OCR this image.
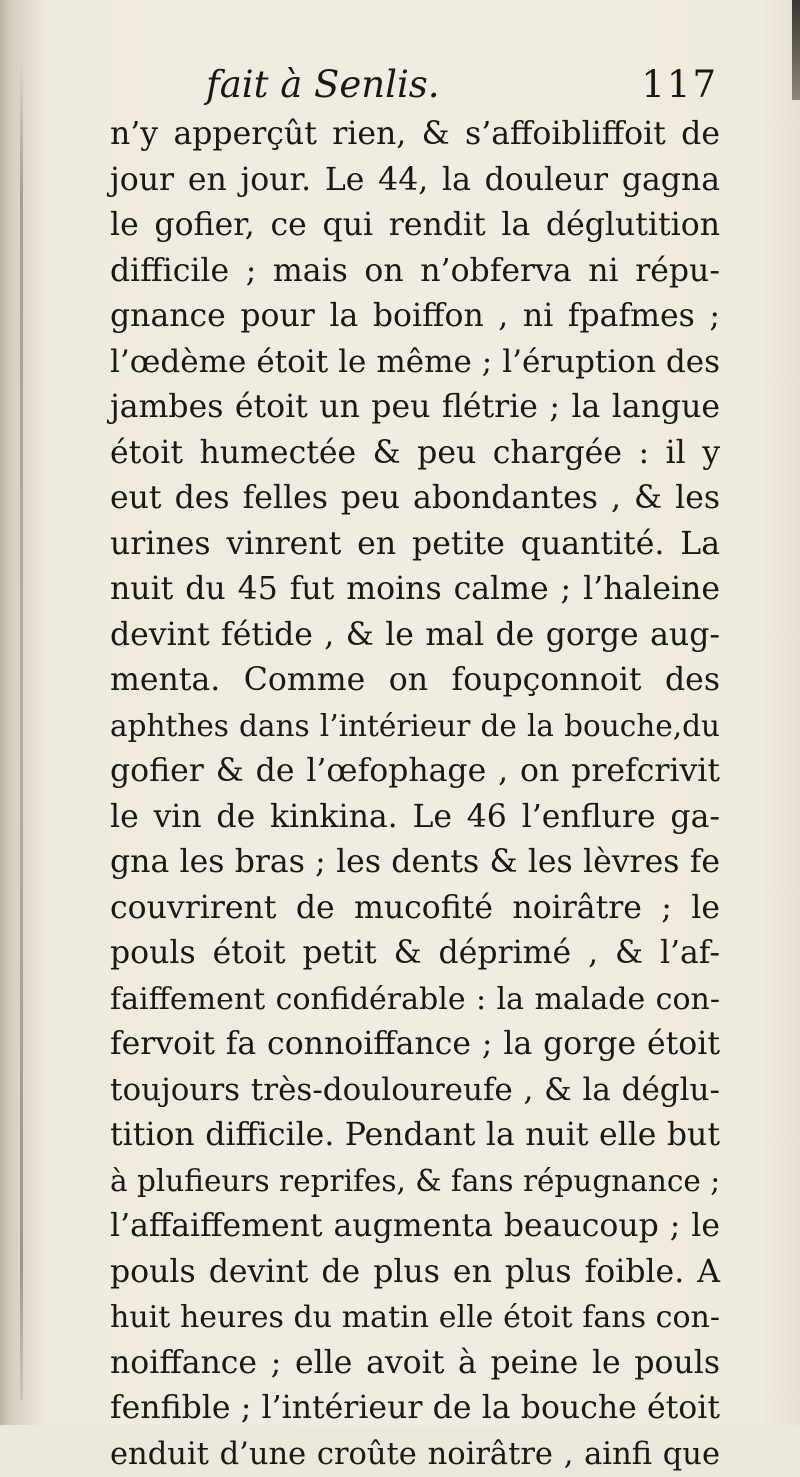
fait à Senlis.	117
n’y apperçût rien, & s’affoibliffoit de
jour en jour. Le 44, la douleur gagna
le gofier, ce qui rendit la déglutition
difficile ; mais on n’obferva ni répu-
gnance pour la boiffon , ni fpafmes ;
l’œdème étoit le même ; l’éruption des
jambes étoit un peu flétrie ; la langue
étoit humectée & peu chargée : il y
eut des felles peu abondantes , & les
urines vinrent en petite quantité. La
nuit du 45 fut moins calme ; l’haleine
devint fétide , & le mal de gorge aug-
menta. Comme on foupçonnoit des
aphthes dans l’intérieur de la bouche,du
gofier & de l’œfophage , on prefcrivit
le vin de kinkina. Le 46 l’enflure ga-
gna les bras ; les dents & les lèvres fe
couvrirent de mucofité noirâtre ; le
pouls étoit petit & déprimé , & l’af-
faiffement confidérable : la malade con-
fervoit fa connoiffance ; la gorge étoit
toujours très-douloureufe , & la déglu-
tition difficile. Pendant la nuit elle but
à plufieurs reprifes, & fans répugnance ;
l’affaiffement augmenta beaucoup ; le
pouls devint de plus en plus foible. A
huit heures du matin elle étoit fans con-
noiffance ; elle avoit à peine le pouls
fenfible ; l’intérieur de la bouche étoit
enduit d’une croûte noirâtre , ainfi que
